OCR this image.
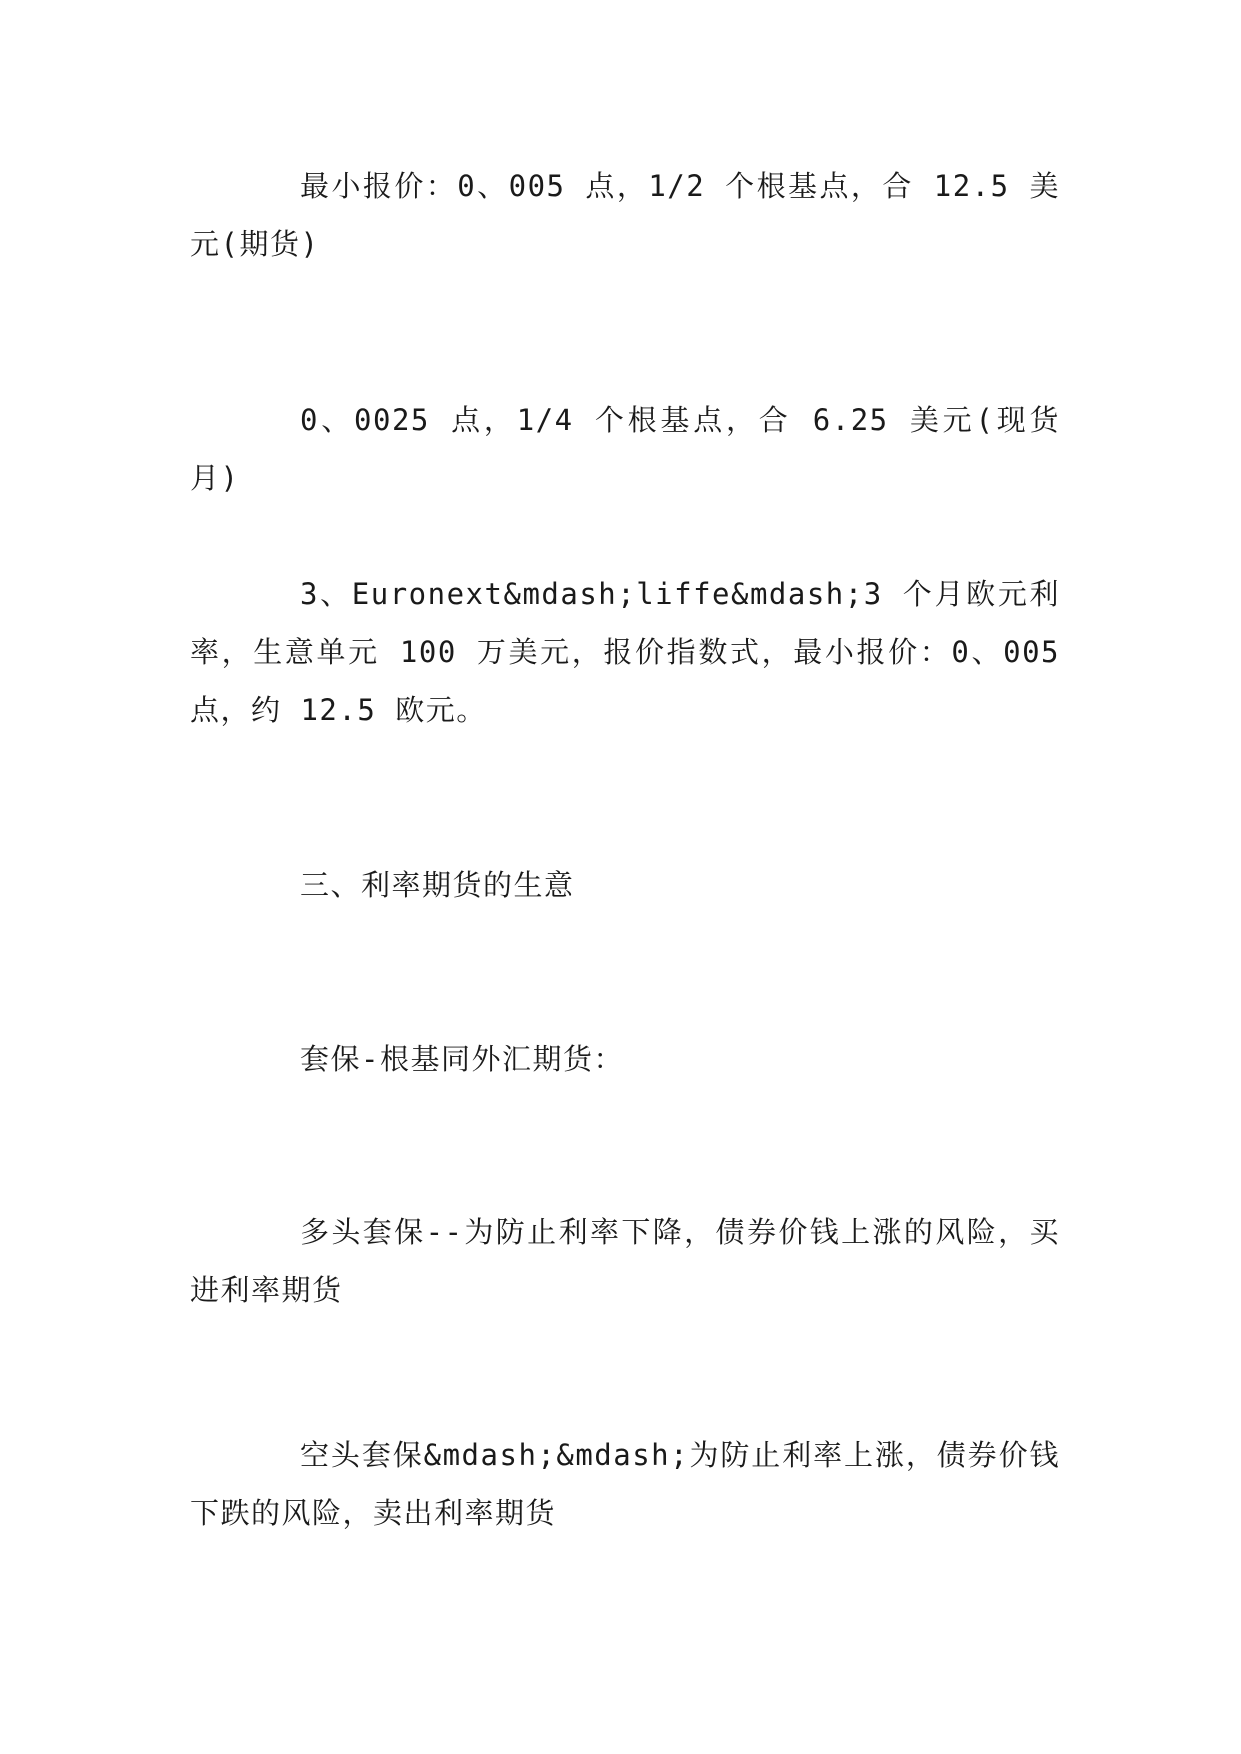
最小报价：0、005 点，1/2 个根基点，合 12.5 美元(期货)

0、0025 点，1/4 个根基点，合 6.25 美元(现货月)

3、Euronext&mdash;liffe&mdash;3 个月欧元利率，生意单元 100 万美元，报价指数式，最小报价：0、005 点，约 12.5 欧元。

三、利率期货的生意

套保-根基同外汇期货：

多头套保--为防止利率下降，债券价钱上涨的风险，买进利率期货

空头套保&mdash;&mdash;为防止利率上涨，债券价钱下跌的风险，卖出利率期货
